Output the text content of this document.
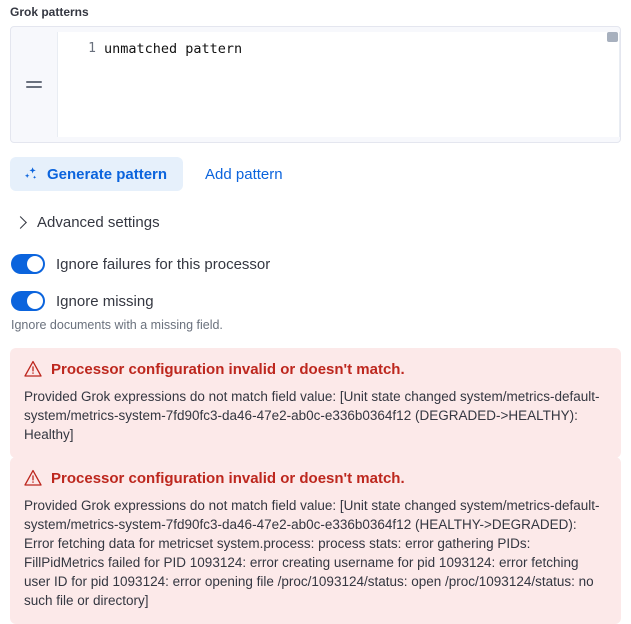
Grok patterns
1 unmatched pattern
Generate pattern	Add pattern
Advanced settings
Ignore failures for this processor
Ignore missing
Ignore documents with a missing field.
Processor configuration invalid or doesn't match.
Provided Grok expressions do not match field value: [Unit state changed system/metrics-default-system/metrics-system-7fd90fc3-da46-47e2-ab0c-e336b0364f12 (DEGRADED->HEALTHY): Healthy]
Processor configuration invalid or doesn't match.
Provided Grok expressions do not match field value: [Unit state changed system/metrics-default-system/metrics-system-7fd90fc3-da46-47e2-ab0c-e336b0364f12 (HEALTHY->DEGRADED): Error fetching data for metricset system.process: process stats: error gathering PIDs: FillPidMetrics failed for PID 1093124: error creating username for pid 1093124: error fetching user ID for pid 1093124: error opening file /proc/1093124/status: open /proc/1093124/status: no such file or directory]
